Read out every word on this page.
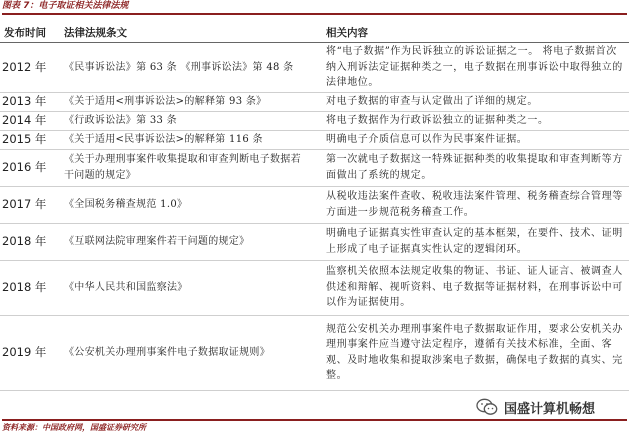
图表 7：电子取证相关法律法规
发布时间	法律法规条文	相关内容
2012 年	《民事诉讼法》第 63 条 《刑事诉讼法》第 48 条	将“电子数据”作为民诉独立的诉讼证据之一。 将电子数据首次纳入刑诉法定证据种类之一，电子数据在刑事诉讼中取得独立的法律地位。
2013 年	《关于适用<刑事诉讼法>的解释第 93 条》	对电子数据的审查与认定做出了详细的规定。
2014 年	《行政诉讼法》第 33 条	将电子数据作为行政诉讼独立的证据种类之一。
2015 年	《关于适用<民事诉讼法>的解释第 116 条	明确电子介质信息可以作为民事案件证据。
2016 年	《关于办理刑事案件收集提取和审查判断电子数据若干问题的规定》	第一次就电子数据这一特殊证据种类的收集提取和审查判断等方面做出了系统的规定。
2017 年	《全国税务稽查规范 1.0》	从税收违法案件查收、税收违法案件管理、税务稽查综合管理等方面进一步规范税务稽查工作。
2018 年	《互联网法院审理案件若干问题的规定》	明确电子证据真实性审查认定的基本框架，在要件、技术、证明上形成了电子证据真实性认定的逻辑闭环。
2018 年	《中华人民共和国监察法》	监察机关依照本法规定收集的物证、书证、证人证言、被调查人供述和辩解、视听资料、电子数据等证据材料，在刑事诉讼中可以作为证据使用。
2019 年	《公安机关办理刑事案件电子数据取证规则》	规范公安机关办理刑事案件电子数据取证作用，要求公安机关办理刑事案件应当遵守法定程序，遵循有关技术标准，全面、客观、及时地收集和提取涉案电子数据，确保电子数据的真实、完整。
国盛计算机畅想
资料来源：中国政府网，国盛证券研究所
